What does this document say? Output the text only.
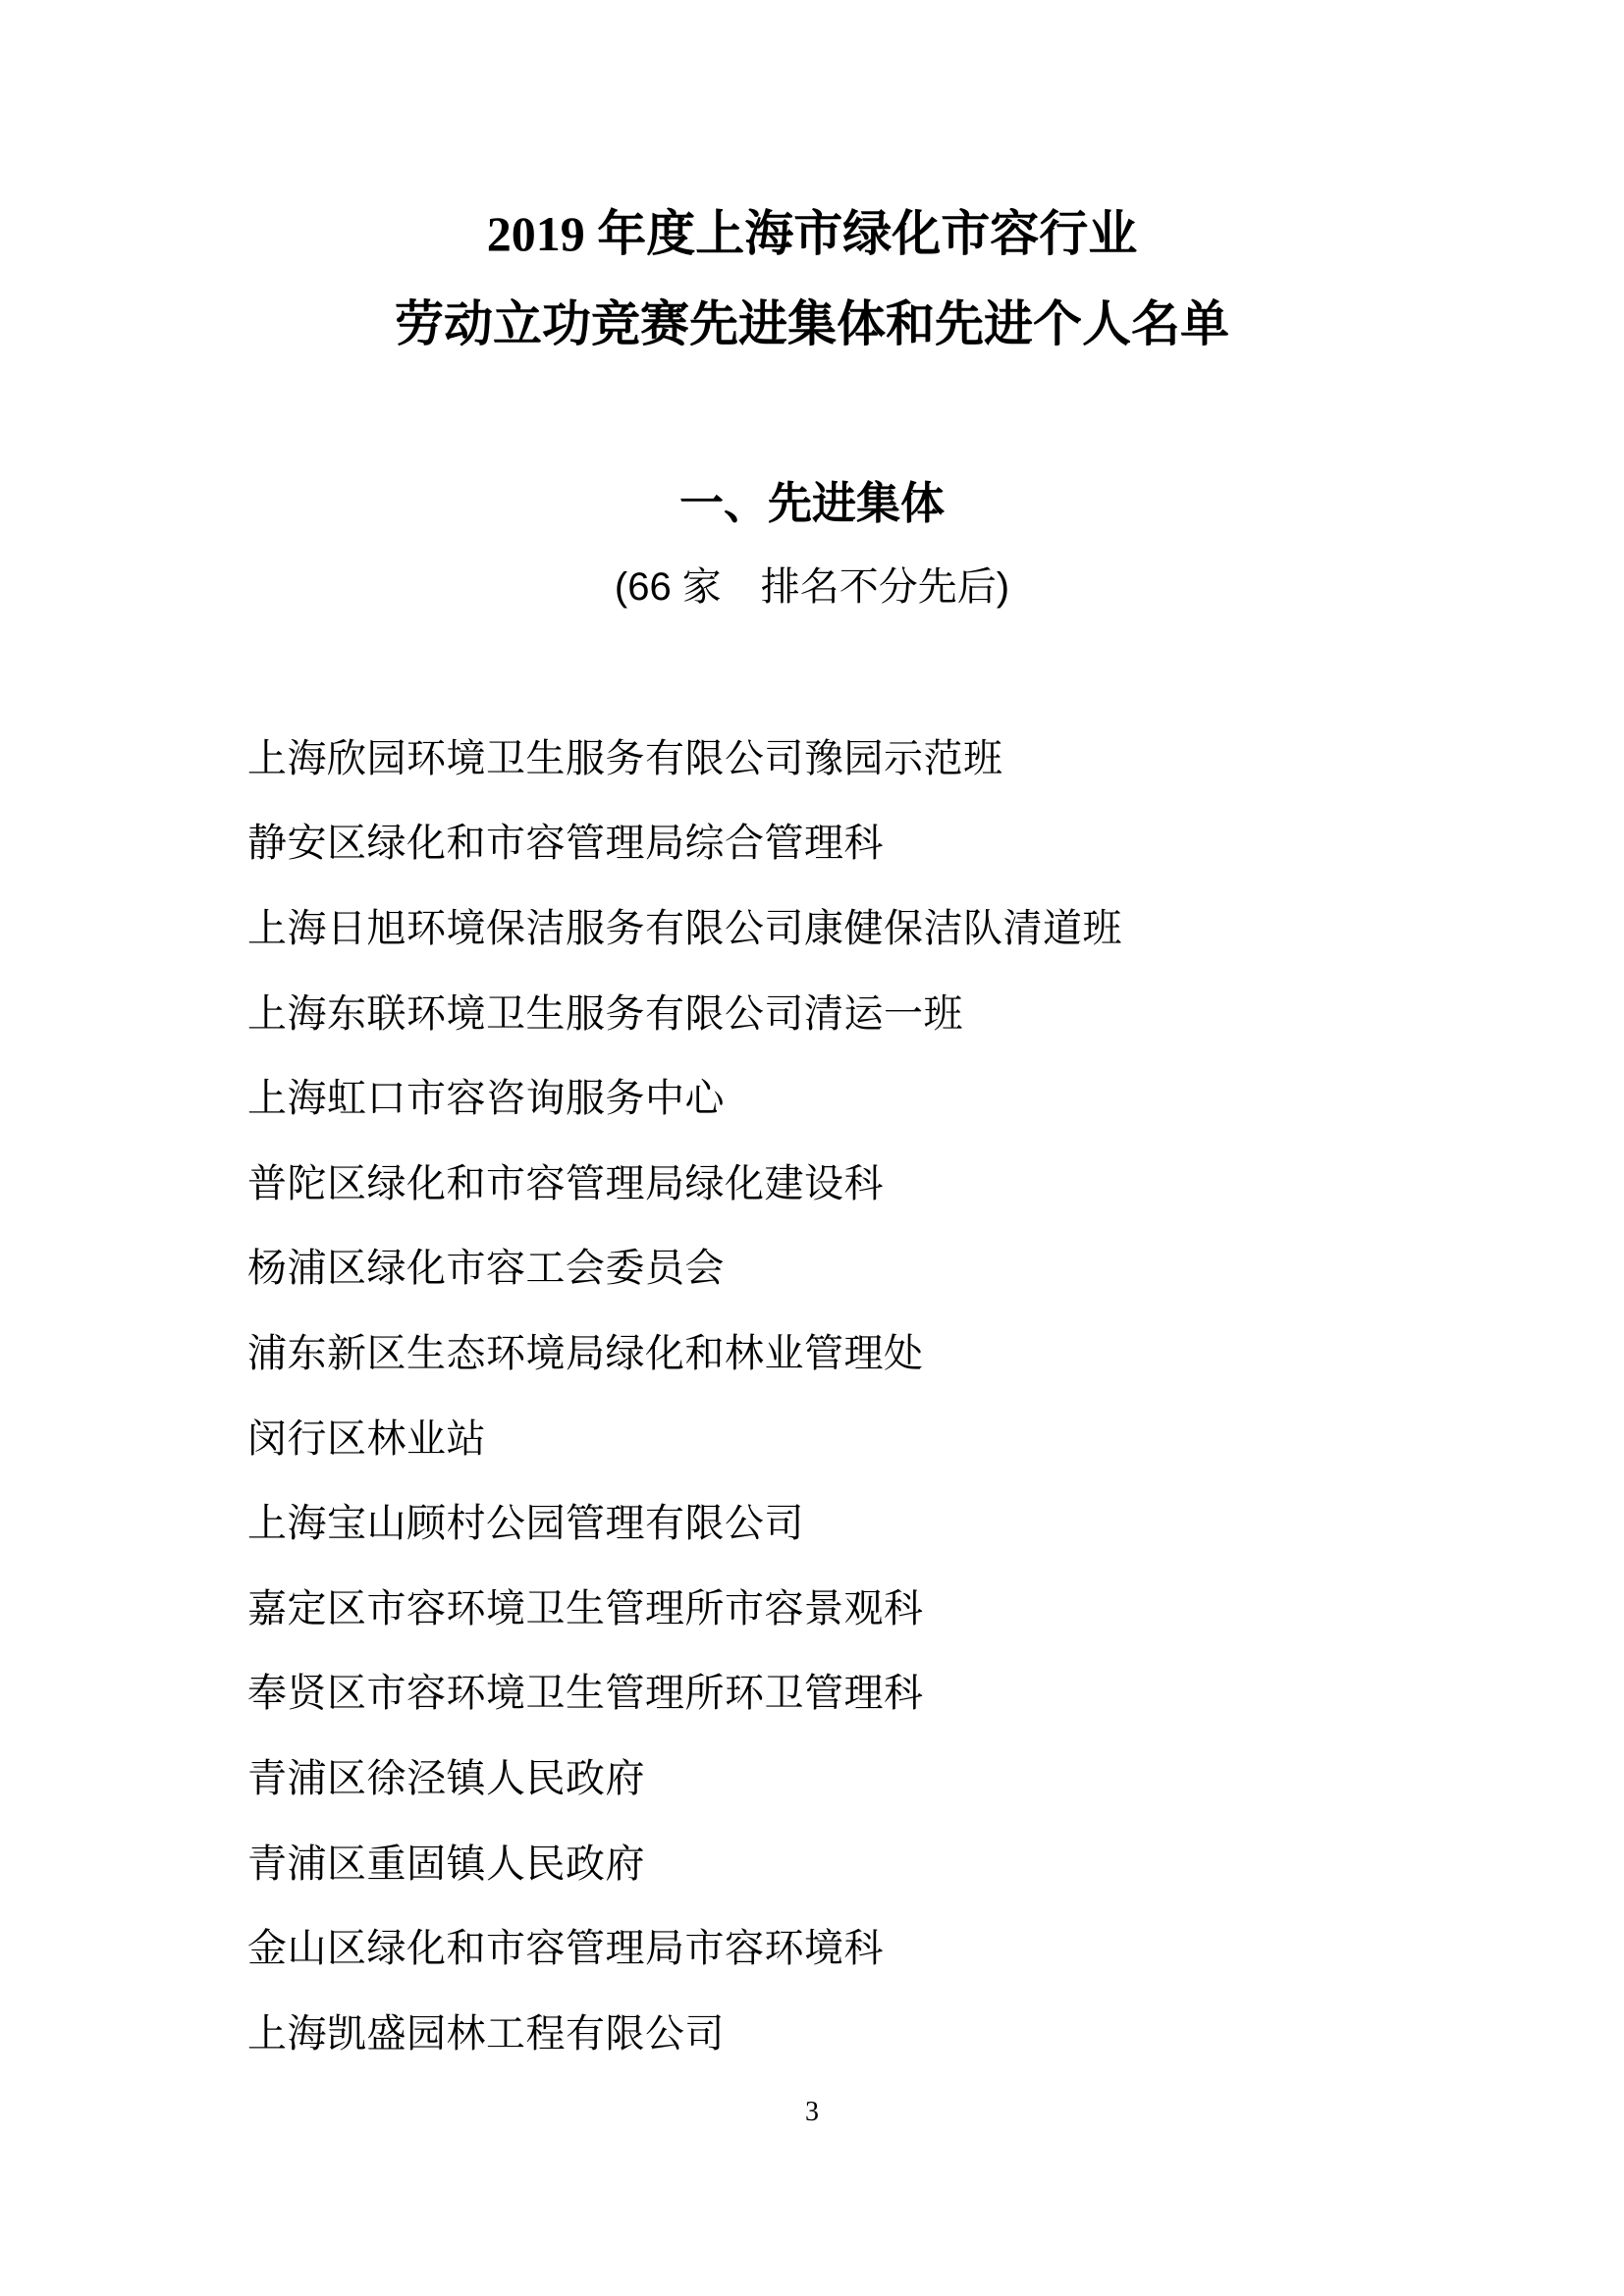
2019 年度上海市绿化市容行业
劳动立功竞赛先进集体和先进个人名单
一、先进集体
(66 家　排名不分先后)
上海欣园环境卫生服务有限公司豫园示范班
静安区绿化和市容管理局综合管理科
上海日旭环境保洁服务有限公司康健保洁队清道班
上海东联环境卫生服务有限公司清运一班
上海虹口市容咨询服务中心
普陀区绿化和市容管理局绿化建设科
杨浦区绿化市容工会委员会
浦东新区生态环境局绿化和林业管理处
闵行区林业站
上海宝山顾村公园管理有限公司
嘉定区市容环境卫生管理所市容景观科
奉贤区市容环境卫生管理所环卫管理科
青浦区徐泾镇人民政府
青浦区重固镇人民政府
金山区绿化和市容管理局市容环境科
上海凯盛园林工程有限公司
3
